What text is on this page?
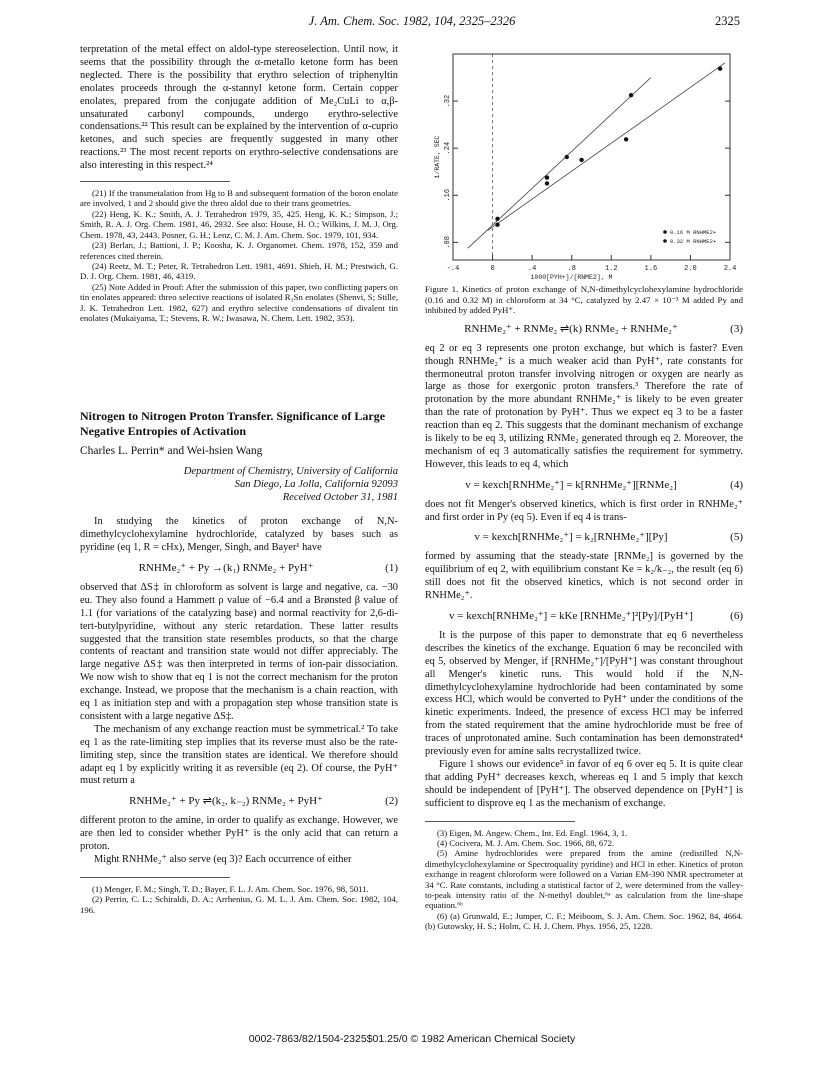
J. Am. Chem. Soc. 1982, 104, 2325–2326	2325

terpretation of the metal effect on aldol-type stereoselection. Until now, it seems that the possibility through the α-metallo ketone form has been neglected. There is the possibility that erythro selection of triphenyltin enolates proceeds through the α-stannyl ketone form. Certain copper enolates, prepared from the conjugate addition of Me₂CuLi to α,β-unsaturated carbonyl compounds, undergo erythro-selective condensations.²² This result can be explained by the intervention of α-cuprio ketones, and such species are frequently suggested in many other reactions.²³ The most recent reports on erythro-selective condensations are also interesting in this respect.²⁴

(21) If the transmetalation from Hg to B and subsequent formation of the boron enolate are involved, 1 and 2 should give the threo aldol due to their trans geometries.

(22) Heng, K. K.; Smith, A. J. Tetrahedron 1979, 35, 425. Heng, K. K.; Simpson, J.; Smith, R. A. J. Org. Chem. 1981, 46, 2932. See also: House, H. O.; Wilkins, J. M. J. Org. Chem. 1978, 43, 2443. Posner, G. H.; Lenz, C. M. J. Am. Chem. Soc. 1979, 101, 934.

(23) Berlan, J.; Battioni, J. P.; Koosha, K. J. Organomet. Chem. 1978, 152, 359 and references cited therein.

(24) Reetz, M. T.; Peter, R. Tetrahedron Lett. 1981, 4691. Shieh, H. M.; Prestwich, G. D. J. Org. Chem. 1981, 46, 4319.

(25) Note Added in Proof: After the submission of this paper, two conflicting papers on tin enolates appeared: threo selective reactions of isolated R₃Sn enolates (Shenvi, S; Stille, J. K. Tetrahedron Lett. 1982, 627) and erythro selective condensations of divalent tin enolates (Mukaiyama, T.; Stevens, R. W.; Iwasawa, N. Chem. Lett. 1982, 353).

Nitrogen to Nitrogen Proton Transfer. Significance of Large Negative Entropies of Activation
Charles L. Perrin* and Wei-hsien Wang
Department of Chemistry, University of California
San Diego, La Jolla, California 92093
Received October 31, 1981

In studying the kinetics of proton exchange of N,N-dimethylcyclohexylamine hydrochloride, catalyzed by bases such as pyridine (eq 1, R = cHx), Menger, Singh, and Bayer¹ have

RNHMe₂⁺ + Py →(k₁) RNMe₂ + PyH⁺	(1)

observed that ΔS‡ in chloroform as solvent is large and negative, ca. −30 eu. They also found a Hammett ρ value of −6.4 and a Brønsted β value of 1.1 (for variations of the catalyzing base) and normal reactivity for 2,6-di-tert-butylpyridine, without any steric retardation. These latter results suggested that the transition state resembles products, so that the charge contents of reactant and transition state would not differ appreciably. The large negative ΔS‡ was then interpreted in terms of ion-pair dissociation. We now wish to show that eq 1 is not the correct mechanism for the proton exchange. Instead, we propose that the mechanism is a chain reaction, with eq 1 as initiation step and with a propagation step whose transition state is consistent with a large negative ΔS‡.

The mechanism of any exchange reaction must be symmetrical.² To take eq 1 as the rate-limiting step implies that its reverse must also be the rate-limiting step, since the transition states are identical. We therefore should adapt eq 1 by explicitly writing it as reversible (eq 2). Of course, the PyH⁺ must return a

RNHMe₂⁺ + Py ⇌(k₂, k₋₂) RNMe₂ + PyH⁺	(2)

different proton to the amine, in order to qualify as exchange. However, we are then led to consider whether PyH⁺ is the only acid that can return a proton.

Might RNHMe₂⁺ also serve (eq 3)? Each occurrence of either

(1) Menger, F. M.; Singh, T. D.; Bayer, F. L. J. Am. Chem. Soc. 1976, 98, 5011.

(2) Perrin, C. L.; Schiraldi, D. A.; Arrhenius, G. M. L. J. Am. Chem. Soc. 1982, 104, 196.

-.4	0	.4	.8	1.2	1.6	2.0	2.4
.08
.16
.24
.32
1000[PYH+]/[RNME2], M
1/RATE, SEC
0.16 M RNHME2+
0.32 M RNHME2+

Figure 1. Kinetics of proton exchange of N,N-dimethylcyclohexylamine hydrochloride (0.16 and 0.32 M) in chloroform at 34 °C, catalyzed by 2.47 × 10⁻³ M added Py and inhibited by added PyH⁺.

RNHMe₂⁺ + RNMe₂ ⇌(k) RNMe₂ + RNHMe₂⁺	(3)

eq 2 or eq 3 represents one proton exchange, but which is faster? Even though RNHMe₂⁺ is a much weaker acid than PyH⁺, rate constants for thermoneutral proton transfer involving nitrogen or oxygen are nearly as large as those for exergonic proton transfers.³ Therefore the rate of protonation by the more abundant RNHMe₂⁺ is likely to be even greater than the rate of protonation by PyH⁺. Thus we expect eq 3 to be a faster reaction than eq 2. This suggests that the dominant mechanism of exchange is likely to be eq 3, utilizing RNMe₂ generated through eq 2. Moreover, the mechanism of eq 3 automatically satisfies the requirement for symmetry. However, this leads to eq 4, which

v = kexch[RNHMe₂⁺] = k[RNHMe₂⁺][RNMe₂]	(4)

does not fit Menger's observed kinetics, which is first order in RNHMe₂⁺ and first order in Py (eq 5). Even if eq 4 is trans-

v = kexch[RNHMe₂⁺] = k₂[RNHMe₂⁺][Py]	(5)

formed by assuming that the steady-state [RNMe₂] is governed by the equilibrium of eq 2, with equilibrium constant Ke = k₂/k₋₂, the result (eq 6) still does not fit the observed kinetics, which is not second order in RNHMe₂⁺.

v = kexch[RNHMe₂⁺] = kKe [RNHMe₂⁺]²[Py]/[PyH⁺]	(6)

It is the purpose of this paper to demonstrate that eq 6 nevertheless describes the kinetics of the exchange. Equation 6 may be reconciled with eq 5, observed by Menger, if [RNHMe₂⁺]/[PyH⁺] was constant throughout all Menger's kinetic runs. This would hold if the N,N-dimethylcyclohexylamine hydrochloride had been contaminated by some excess HCl, which would be converted to PyH⁺ under the conditions of the kinetic experiments. Indeed, the presence of excess HCl may be inferred from the stated requirement that the amine hydrochloride must be free of traces of unprotonated amine. Such contamination has been demonstrated⁴ previously even for amine salts recrystallized twice.

Figure 1 shows our evidence⁵ in favor of eq 6 over eq 5. It is quite clear that adding PyH⁺ decreases kexch, whereas eq 1 and 5 imply that kexch should be independent of [PyH⁺]. The observed dependence on [PyH⁺] is sufficient to disprove eq 1 as the mechanism of exchange.

(3) Eigen, M. Angew. Chem., Int. Ed. Engl. 1964, 3, 1.

(4) Cocivera, M. J. Am. Chem. Soc. 1966, 88, 672.

(5) Amine hydrochlorides were prepared from the amine (redistilled N,N-dimethylcyclohexylamine or Spectroquality pyridine) and HCl in ether. Kinetics of proton exchange in reagent chloroform were followed on a Varian EM-390 NMR spectrometer at 34 °C. Rate constants, including a statistical factor of 2, were determined from the valley-to-peak intensity ratio of the N-methyl doublet,⁶ᵃ as calculation from the line-shape equation.⁶ᵇ

(6) (a) Grunwald, E.; Jumper, C. F.; Meiboom, S. J. Am. Chem. Soc. 1962, 84, 4664. (b) Gutowsky, H. S.; Holm, C. H. J. Chem. Phys. 1956, 25, 1228.

0002-7863/82/1504-2325$01.25/0 © 1982 American Chemical Society
